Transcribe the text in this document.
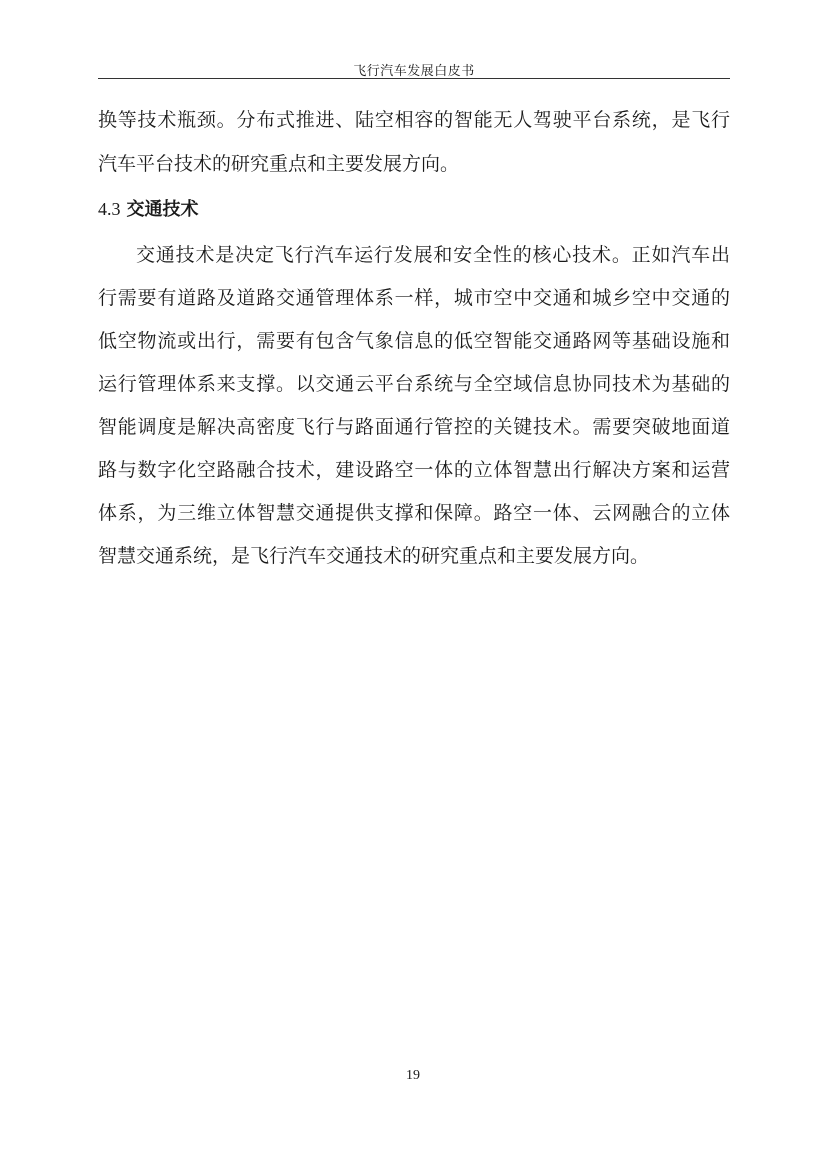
飞行汽车发展白皮书
换等技术瓶颈。分布式推进、陆空相容的智能无人驾驶平台系统，是飞行
汽车平台技术的研究重点和主要发展方向。
4.3 交通技术
交通技术是决定飞行汽车运行发展和安全性的核心技术。正如汽车出
行需要有道路及道路交通管理体系一样，城市空中交通和城乡空中交通的
低空物流或出行，需要有包含气象信息的低空智能交通路网等基础设施和
运行管理体系来支撑。以交通云平台系统与全空域信息协同技术为基础的
智能调度是解决高密度飞行与路面通行管控的关键技术。需要突破地面道
路与数字化空路融合技术，建设路空一体的立体智慧出行解决方案和运营
体系，为三维立体智慧交通提供支撑和保障。路空一体、云网融合的立体
智慧交通系统，是飞行汽车交通技术的研究重点和主要发展方向。
19
